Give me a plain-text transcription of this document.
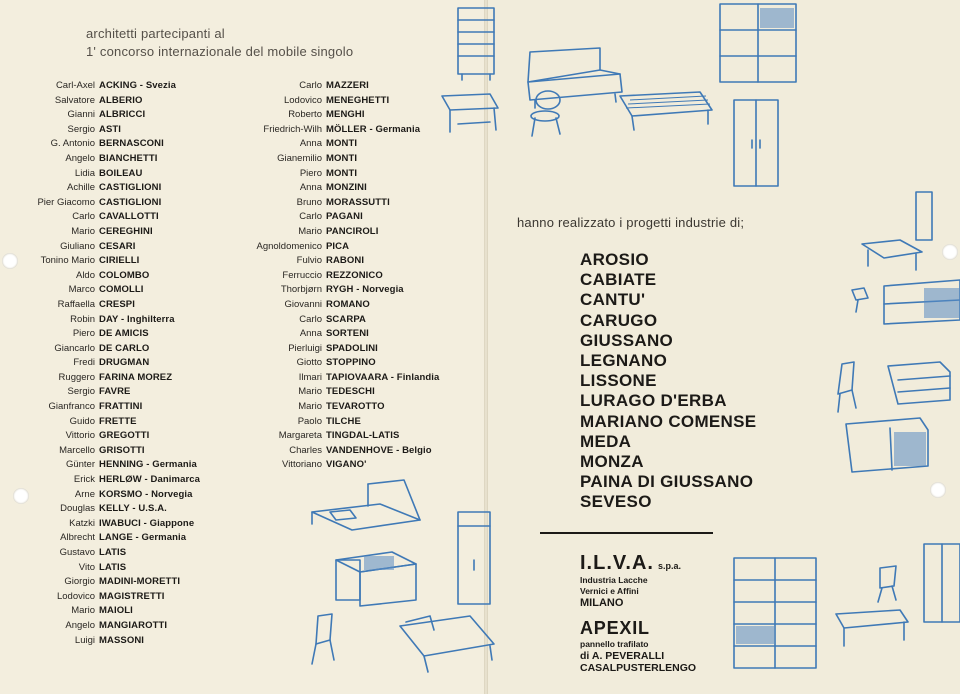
architetti partecipanti al
1' concorso internazionale del mobile singolo
Carl-Axel ACKING - Svezia
Salvatore ALBERIO
Gianni ALBRICCI
Sergio ASTI
G. Antonio BERNASCONI
Angelo BIANCHETTI
Lidia BOILEAU
Achille CASTIGLIONI
Pier Giacomo CASTIGLIONI
Carlo CAVALLOTTI
Mario CEREGHINI
Giuliano CESARI
Tonino Mario CIRIELLI
Aldo COLOMBO
Marco COMOLLI
Raffaella CRESPI
Robin DAY - Inghilterra
Piero DE AMICIS
Giancarlo DE CARLO
Fredi DRUGMAN
Ruggero FARINA MOREZ
Sergio FAVRE
Gianfranco FRATTINI
Guido FRETTE
Vittorio GREGOTTI
Marcello GRISOTTI
Günter HENNING - Germania
Erick HERLØW - Danimarca
Arne KORSMO - Norvegia
Douglas KELLY - U.S.A.
Katzki IWABUCI - Giappone
Albrecht LANGE - Germania
Gustavo LATIS
Vito LATIS
Giorgio MADINI-MORETTI
Lodovico MAGISTRETTI
Mario MAIOLI
Angelo MANGIAROTTI
Luigi MASSONI
Carlo MAZZERI
Lodovico MENEGHETTI
Roberto MENGHI
Friedrich-Wilh MÖLLER - Germania
Anna MONTI
Gianemilio MONTI
Piero MONTI
Anna MONZINI
Bruno MORASSUTTI
Carlo PAGANI
Mario PANCIROLI
Agnoldomenico PICA
Fulvio RABONI
Ferruccio REZZONICO
Thorbjørn RYGH - Norvegia
Giovanni ROMANO
Carlo SCARPA
Anna SORTENI
Pierluigi SPADOLINI
Giotto STOPPINO
Ilmari TAPIOVAARA - Finlandia
Mario TEDESCHI
Mario TEVAROTTO
Paolo TILCHE
Margareta TINGDAL-LATIS
Charles VANDENHOVE - Belgio
Vittoriano VIGANO'
hanno realizzato i progetti industrie di;
AROSIO
CABIATE
CANTU'
CARUGO
GIUSSANO
LEGNANO
LISSONE
LURAGO D'ERBA
MARIANO COMENSE
MEDA
MONZA
PAINA DI GIUSSANO
SEVESO
I.L.V.A. s.p.a.
Industria Lacche
Vernici e Affini
MILANO
APEXIL
pannello trafilato
di A. PEVERALLI
CASALPUSTERLENGO
